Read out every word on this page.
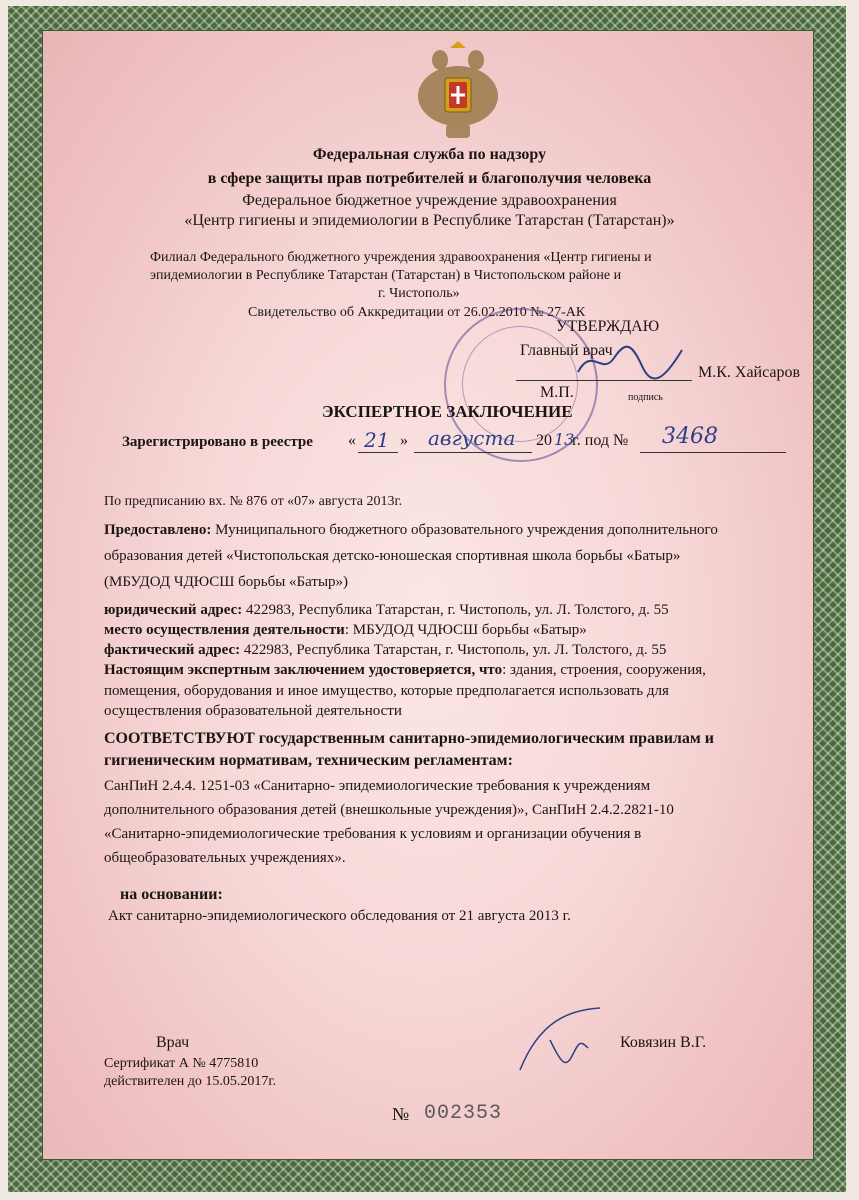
Федеральная служба по надзору
в сфере защиты прав потребителей и благополучия человека
Федеральное бюджетное учреждение здравоохранения
«Центр гигиены и эпидемиологии в Республике Татарстан (Татарстан)»
Филиал Федерального бюджетного учреждения здравоохранения «Центр гигиены и
эпидемиологии в Республике Татарстан (Татарстан) в Чистопольском районе и
г. Чистополь»
Свидетельство об Аккредитации от 26.02.2010 № 27-АК
УТВЕРЖДАЮ
Главный врач
М.К. Хайсаров
М.П.	подпись
ЭКСПЕРТНОЕ ЗАКЛЮЧЕНИЕ
Зарегистрировано в реестре « 21 » августа 20 13
г. под № 3468
По предписанию вх. № 876 от «07» августа 2013г.
Предоставлено: Муниципального бюджетного образовательного учреждения дополнительного
образования детей «Чистопольская детско-юношеская спортивная школа борьбы «Батыр»
(МБУДОД ЧДЮСШ борьбы «Батыр»)
юридический адрес: 422983, Республика Татарстан, г. Чистополь, ул. Л. Толстого, д. 55
место осуществления деятельности: МБУДОД ЧДЮСШ борьбы «Батыр»
фактический адрес: 422983, Республика Татарстан, г. Чистополь, ул. Л. Толстого, д. 55
Настоящим экспертным заключением удостоверяется, что: здания, строения, сооружения,
помещения, оборудования и иное имущество, которые предполагается использовать для
осуществления образовательной деятельности
СООТВЕТСТВУЮТ государственным санитарно-эпидемиологическим правилам и
гигиеническим нормативам, техническим регламентам:
СанПиН 2.4.4. 1251-03 «Санитарно- эпидемиологические требования к учреждениям
дополнительного образования детей (внешкольные учреждения)», СанПиН 2.4.2.2821-10
«Санитарно-эпидемиологические требования к условиям и организации обучения в
общеобразовательных учреждениях».
на основании:
Акт санитарно-эпидемиологического обследования от 21 августа 2013 г.
Врач	Ковязин В.Г.
Сертификат А № 4775810
действителен до 15.05.2017г.
№ 002353
